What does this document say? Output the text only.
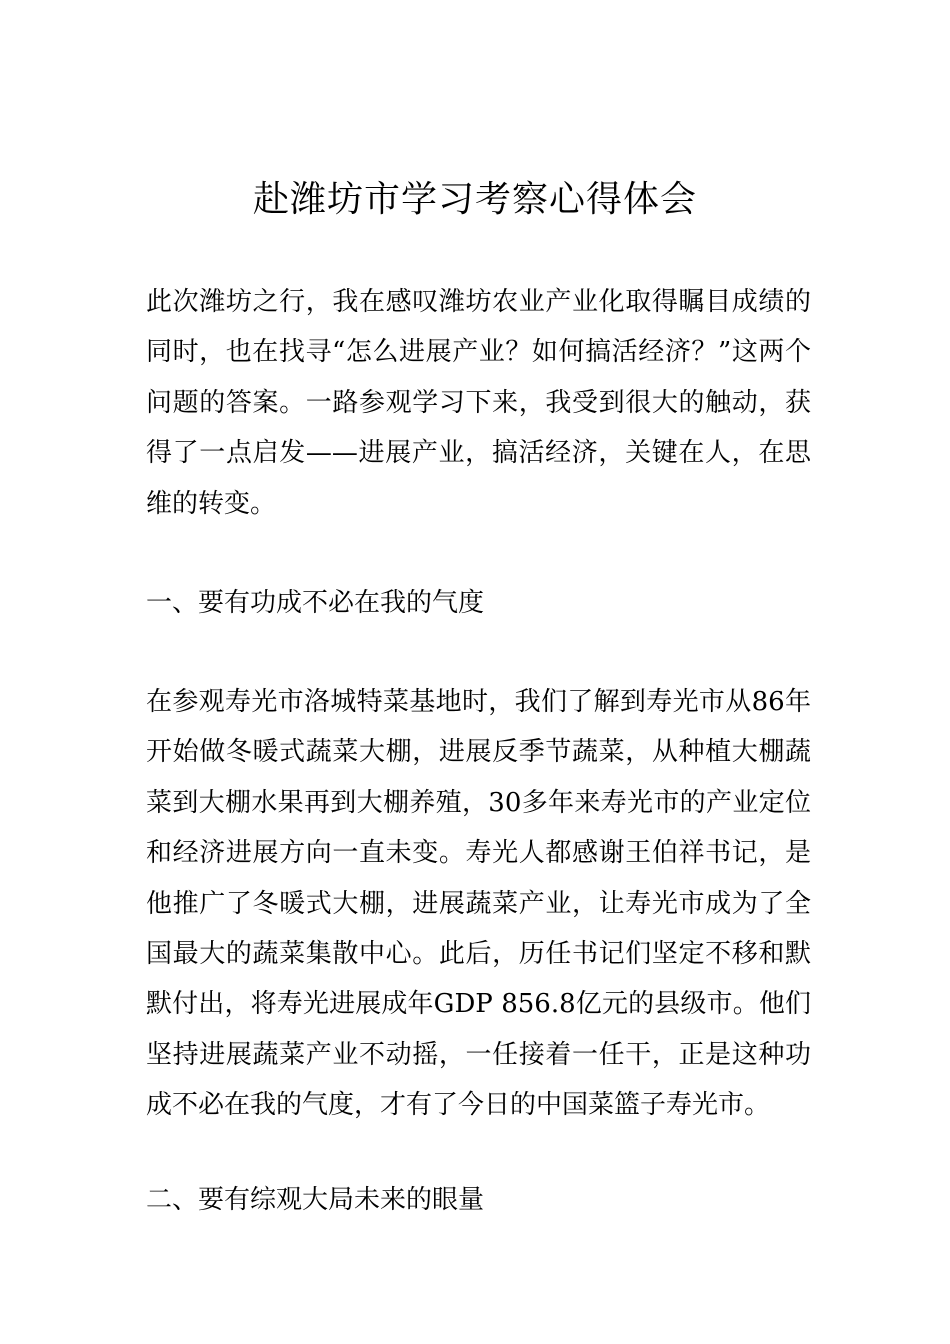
赴潍坊市学习考察心得体会

此次潍坊之行，我在感叹潍坊农业产业化取得瞩目成绩的同时，也在找寻“怎么进展产业？如何搞活经济？”这两个问题的答案。一路参观学习下来，我受到很大的触动，获得了一点启发——进展产业，搞活经济，关键在人，在思维的转变。

一、要有功成不必在我的气度

在参观寿光市洛城特菜基地时，我们了解到寿光市从86年开始做冬暖式蔬菜大棚，进展反季节蔬菜，从种植大棚蔬菜到大棚水果再到大棚养殖，30多年来寿光市的产业定位和经济进展方向一直未变。寿光人都感谢王伯祥书记，是他推广了冬暖式大棚，进展蔬菜产业，让寿光市成为了全国最大的蔬菜集散中心。此后，历任书记们坚定不移和默默付出，将寿光进展成年GDP 856.8亿元的县级市。他们坚持进展蔬菜产业不动摇，一任接着一任干，正是这种功成不必在我的气度，才有了今日的中国菜篮子寿光市。

二、要有综观大局未来的眼量
